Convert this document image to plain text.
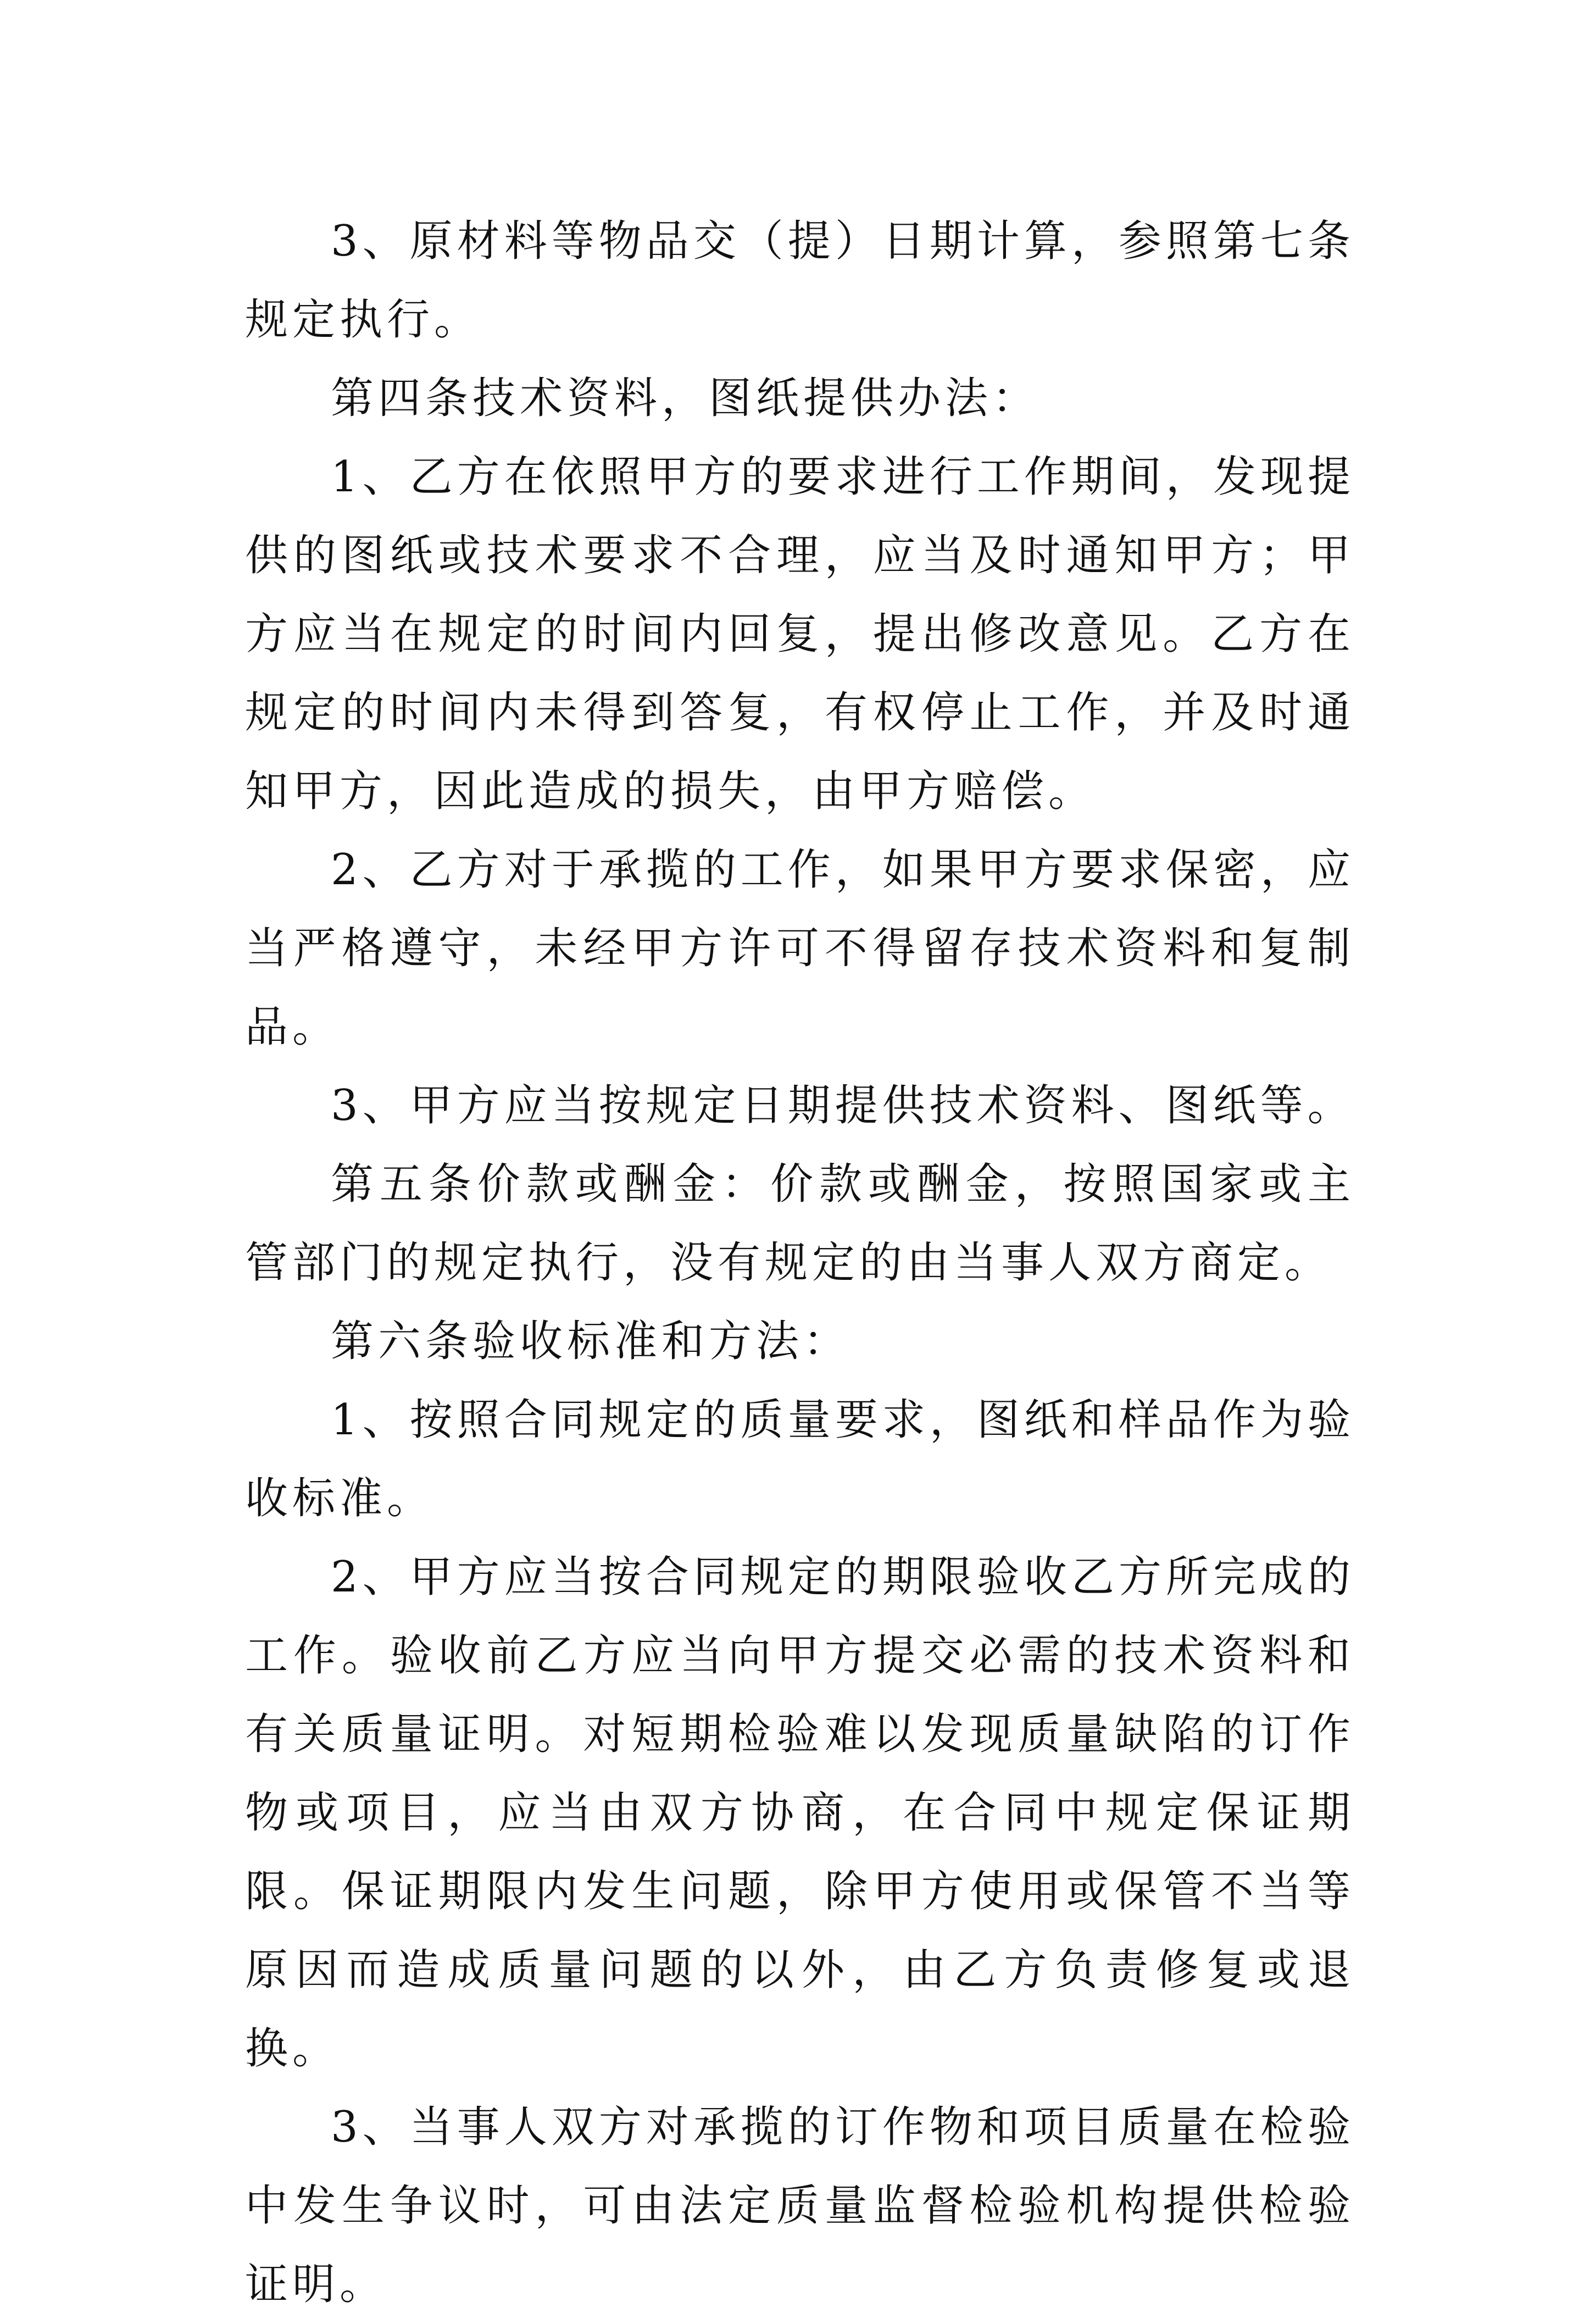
3、原材料等物品交（提）日期计算，参照第七条规定执行。

第四条技术资料，图纸提供办法：

1、乙方在依照甲方的要求进行工作期间，发现提供的图纸或技术要求不合理，应当及时通知甲方；甲方应当在规定的时间内回复，提出修改意见。乙方在规定的时间内未得到答复，有权停止工作，并及时通知甲方，因此造成的损失，由甲方赔偿。

2、乙方对于承揽的工作，如果甲方要求保密，应当严格遵守，未经甲方许可不得留存技术资料和复制品。

3、甲方应当按规定日期提供技术资料、图纸等。

第五条价款或酬金：价款或酬金，按照国家或主管部门的规定执行，没有规定的由当事人双方商定。

第六条验收标准和方法：

1、按照合同规定的质量要求，图纸和样品作为验收标准。

2、甲方应当按合同规定的期限验收乙方所完成的工作。验收前乙方应当向甲方提交必需的技术资料和有关质量证明。对短期检验难以发现质量缺陷的订作物或项目，应当由双方协商，在合同中规定保证期限。保证期限内发生问题，除甲方使用或保管不当等原因而造成质量问题的以外，由乙方负责修复或退换。

3、当事人双方对承揽的订作物和项目质量在检验中发生争议时，可由法定质量监督检验机构提供检验证明。
